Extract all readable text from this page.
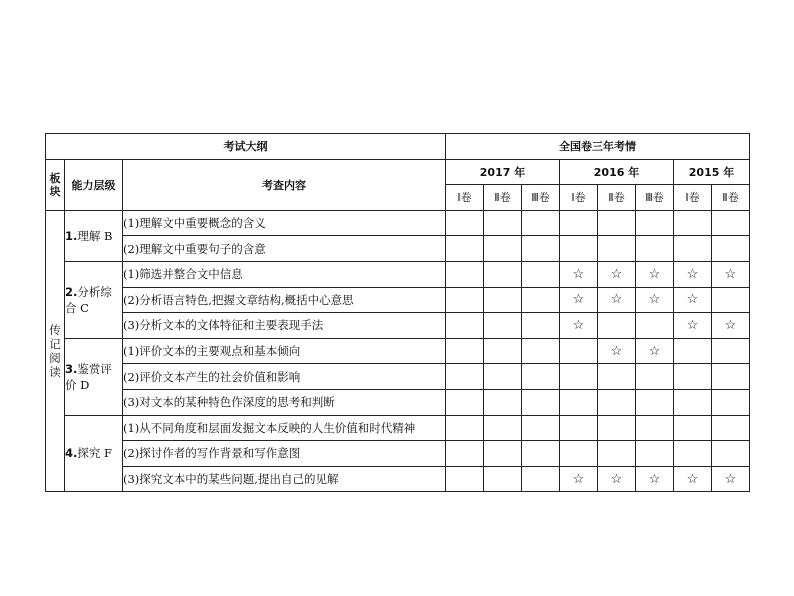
考试大纲			全国卷三年考情							

板块	能力层级	考查内容	2017 年			2016 年			2015 年	
			Ⅰ卷	Ⅱ卷	Ⅲ卷	Ⅰ卷	Ⅱ卷	Ⅲ卷	Ⅰ卷	Ⅱ卷

传记阅读	1.理解 B	(1)理解文中重要概念的含义								
		(2)理解文中重要句子的含意								
	2.分析综合 C	(1)筛选并整合文中信息				☆	☆	☆	☆	☆
		(2)分析语言特色,把握文章结构,概括中心意思				☆	☆	☆	☆	
		(3)分析文本的文体特征和主要表现手法				☆			☆	☆
	3.鉴赏评价 D	(1)评价文本的主要观点和基本倾向					☆	☆		
		(2)评价文本产生的社会价值和影响								
		(3)对文本的某种特色作深度的思考和判断								
	4.探究 F	(1)从不同角度和层面发掘文本反映的人生价值和时代精神								
		(2)探讨作者的写作背景和写作意图								
		(3)探究文本中的某些问题,提出自己的见解				☆	☆	☆	☆	☆
